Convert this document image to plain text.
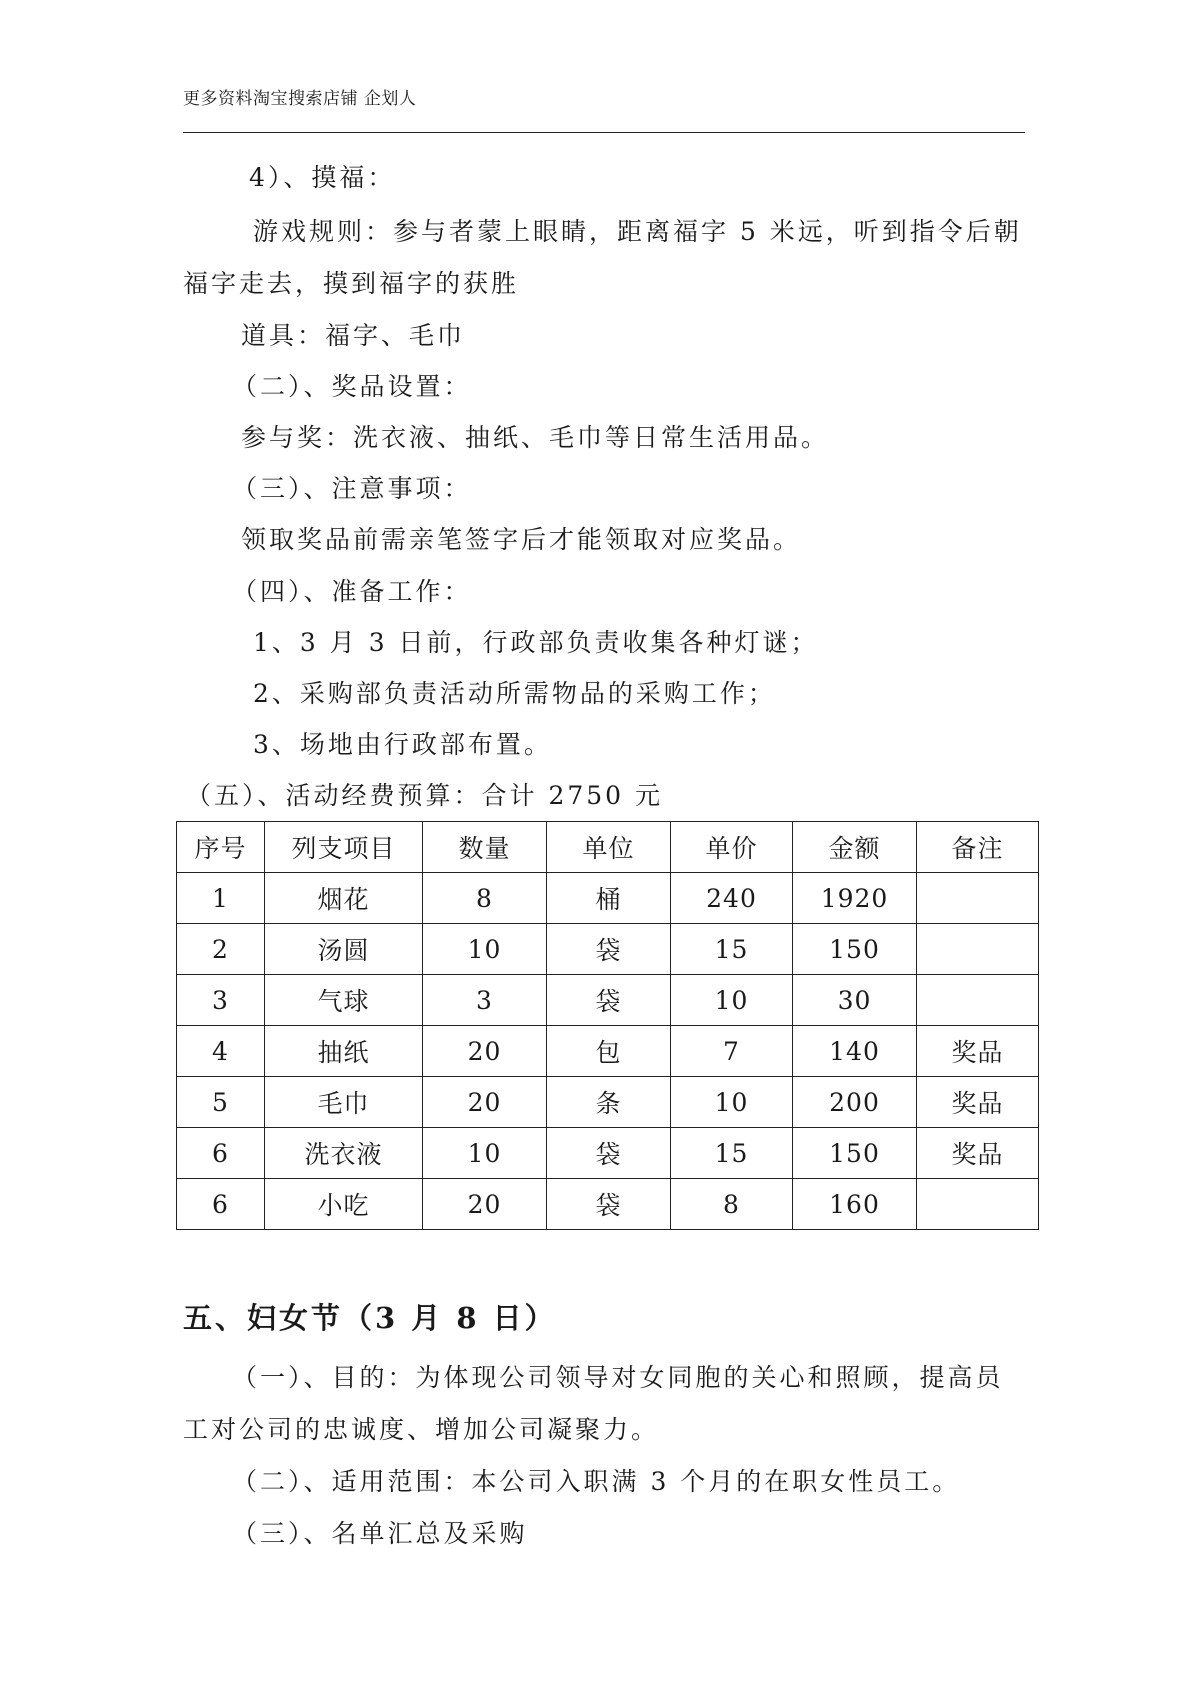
更多资料淘宝搜索店铺 企划人
4）、摸福：
游戏规则：参与者蒙上眼睛，距离福字 5 米远，听到指令后朝
福字走去，摸到福字的获胜
道具：福字、毛巾
（二）、奖品设置：
参与奖：洗衣液、抽纸、毛巾等日常生活用品。
（三）、注意事项：
领取奖品前需亲笔签字后才能领取对应奖品。
（四）、准备工作：
1、3 月 3 日前，行政部负责收集各种灯谜；
2、采购部负责活动所需物品的采购工作；
3、场地由行政部布置。
（五）、活动经费预算：合计 2750 元
序号	列支项目	数量	单位	单价	金额	备注
1	烟花	8	桶	240	1920	
2	汤圆	10	袋	15	150	
3	气球	3	袋	10	30	
4	抽纸	20	包	7	140	奖品
5	毛巾	20	条	10	200	奖品
6	洗衣液	10	袋	15	150	奖品
6	小吃	20	袋	8	160	
五、妇女节（3 月 8 日）
（一）、目的：为体现公司领导对女同胞的关心和照顾，提高员
工对公司的忠诚度、增加公司凝聚力。
（二）、适用范围：本公司入职满 3 个月的在职女性员工。
（三）、名单汇总及采购
